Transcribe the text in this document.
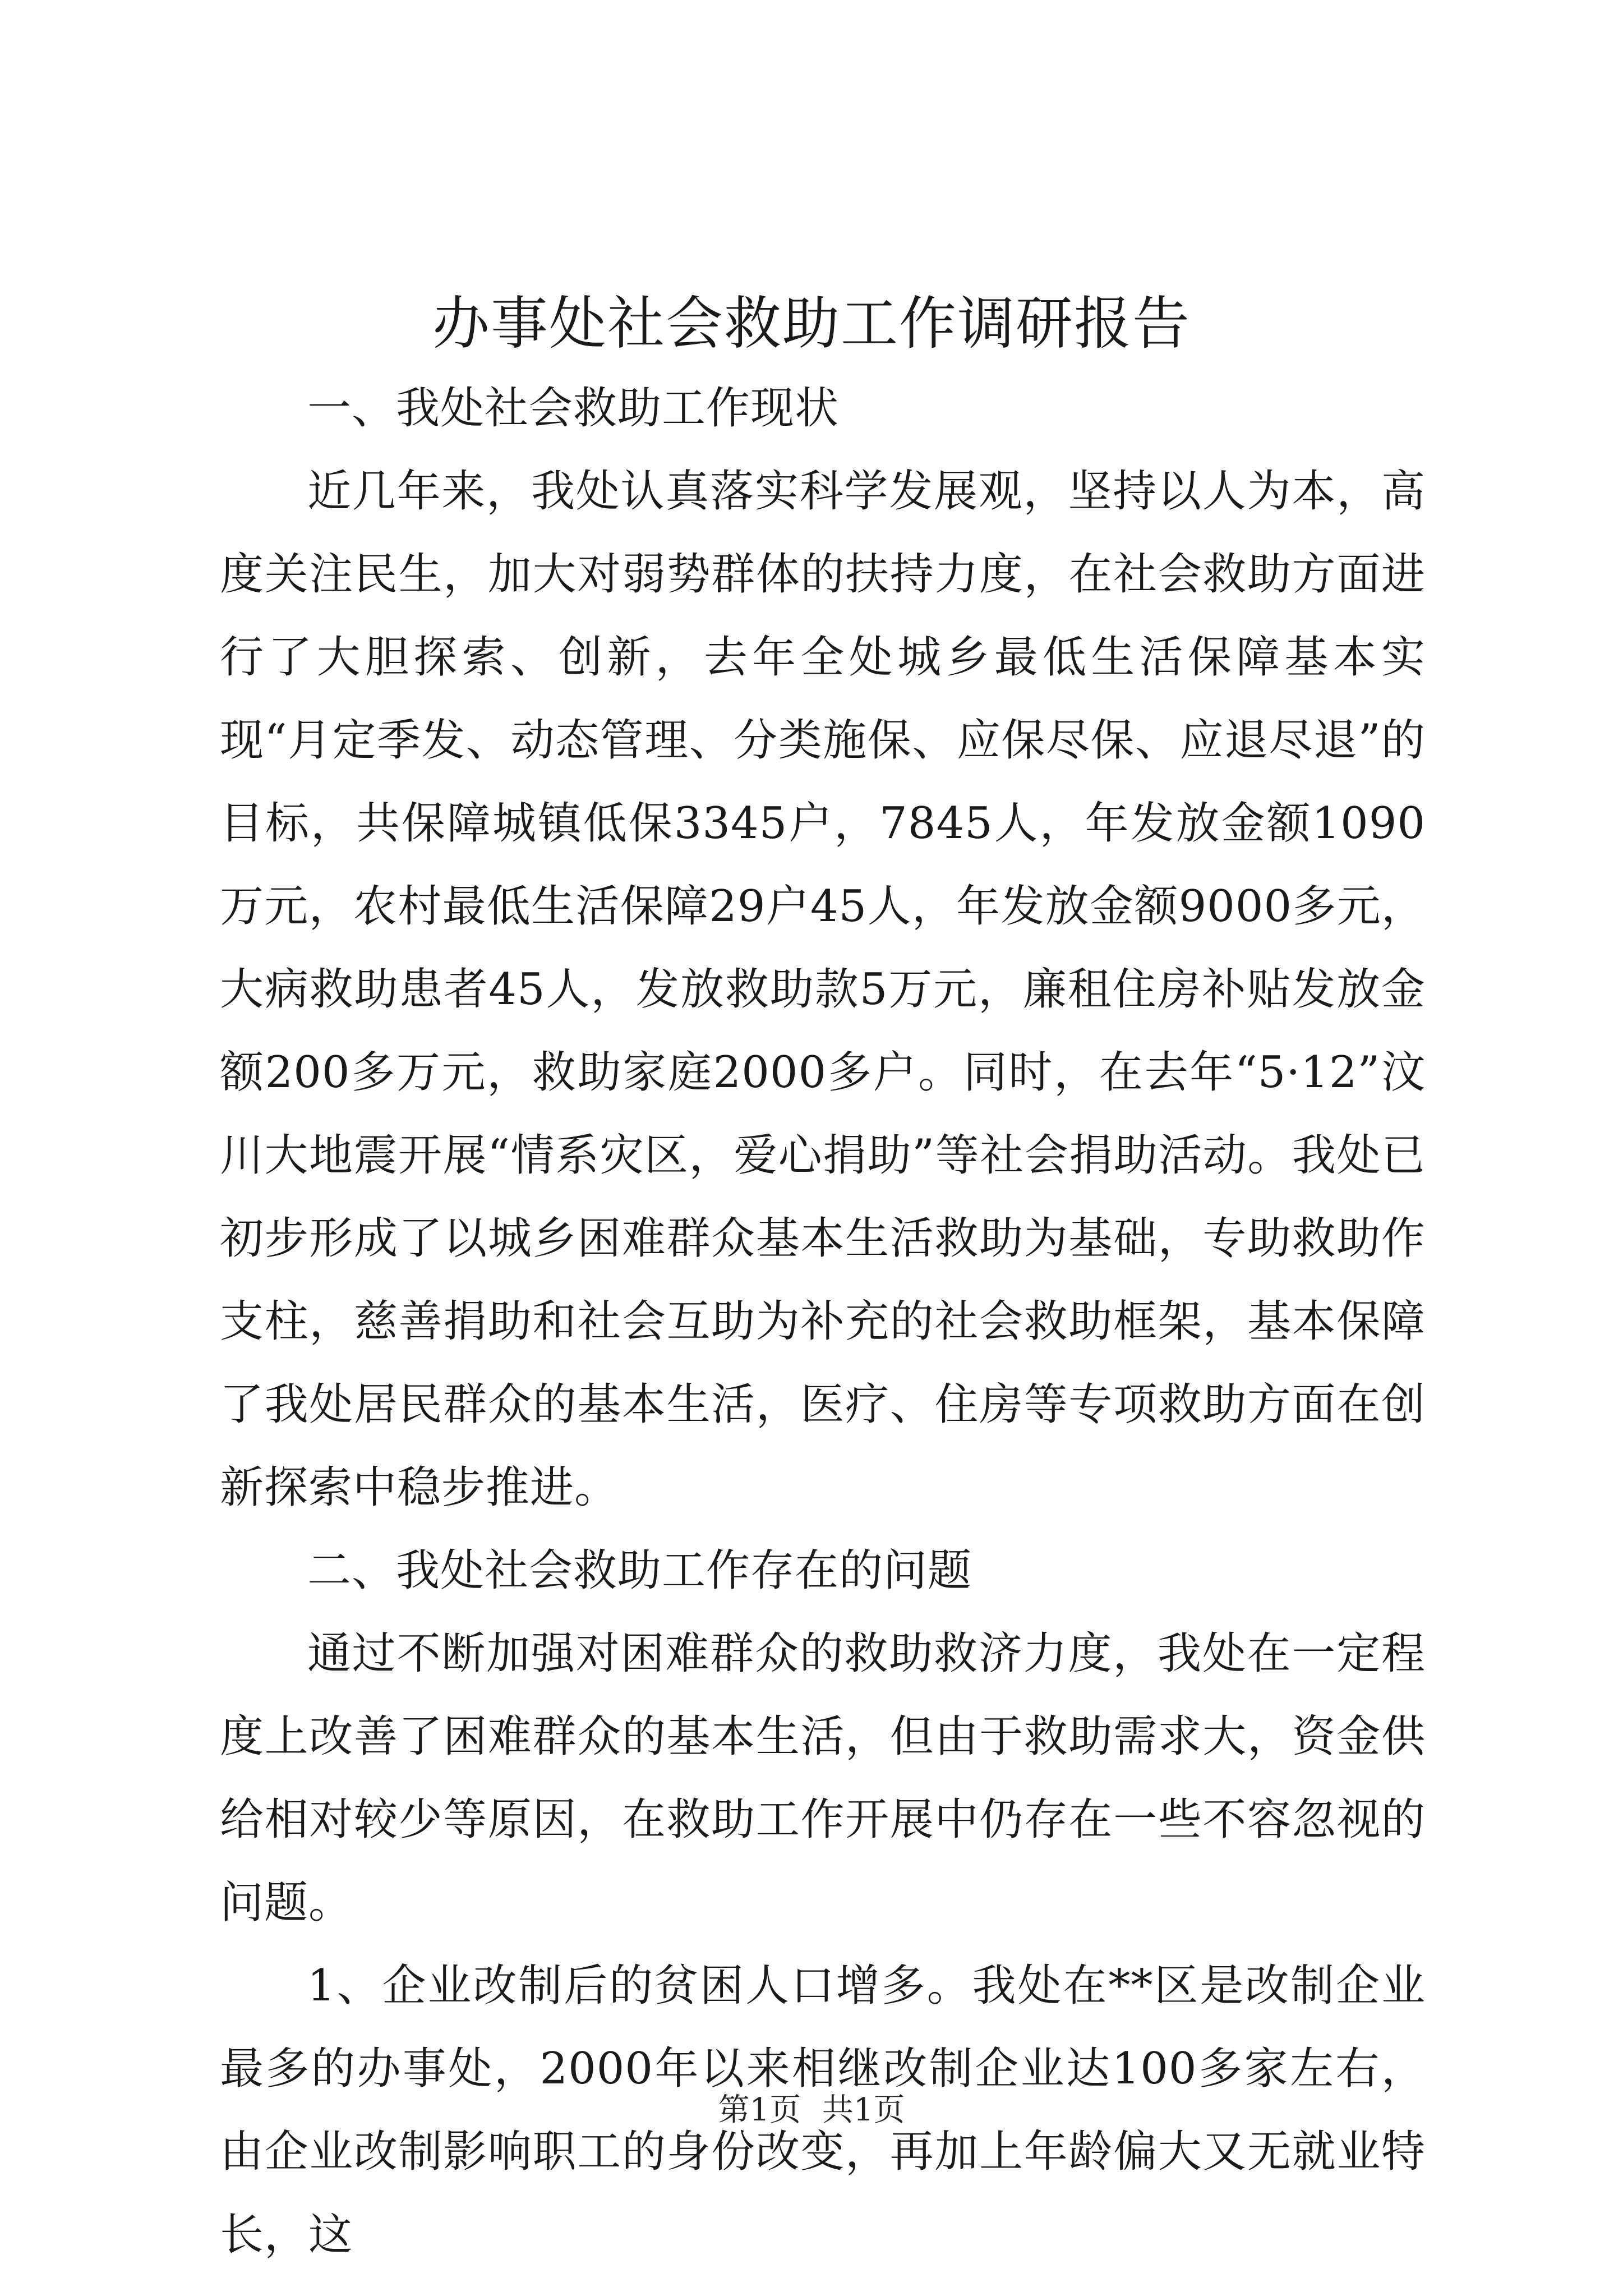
办事处社会救助工作调研报告

一、我处社会救助工作现状

近几年来，我处认真落实科学发展观，坚持以人为本，高度关注民生，加大对弱势群体的扶持力度，在社会救助方面进行了大胆探索、创新，去年全处城乡最低生活保障基本实现“月定季发、动态管理、分类施保、应保尽保、应退尽退”的目标，共保障城镇低保3345户，7845人，年发放金额1090万元，农村最低生活保障29户45人，年发放金额9000多元，大病救助患者45人，发放救助款5万元，廉租住房补贴发放金额200多万元，救助家庭2000多户。同时，在去年“5·12”汶川大地震开展“情系灾区，爱心捐助”等社会捐助活动。我处已初步形成了以城乡困难群众基本生活救助为基础，专助救助作支柱，慈善捐助和社会互助为补充的社会救助框架，基本保障了我处居民群众的基本生活，医疗、住房等专项救助方面在创新探索中稳步推进。

二、我处社会救助工作存在的问题

通过不断加强对困难群众的救助救济力度，我处在一定程度上改善了困难群众的基本生活，但由于救助需求大，资金供给相对较少等原因，在救助工作开展中仍存在一些不容忽视的问题。

1、企业改制后的贫困人口增多。我处在**区是改制企业最多的办事处，2000年以来相继改制企业达100多家左右，由企业改制影响职工的身份改变，再加上年龄偏大又无就业特长，这

第1页 共1页
